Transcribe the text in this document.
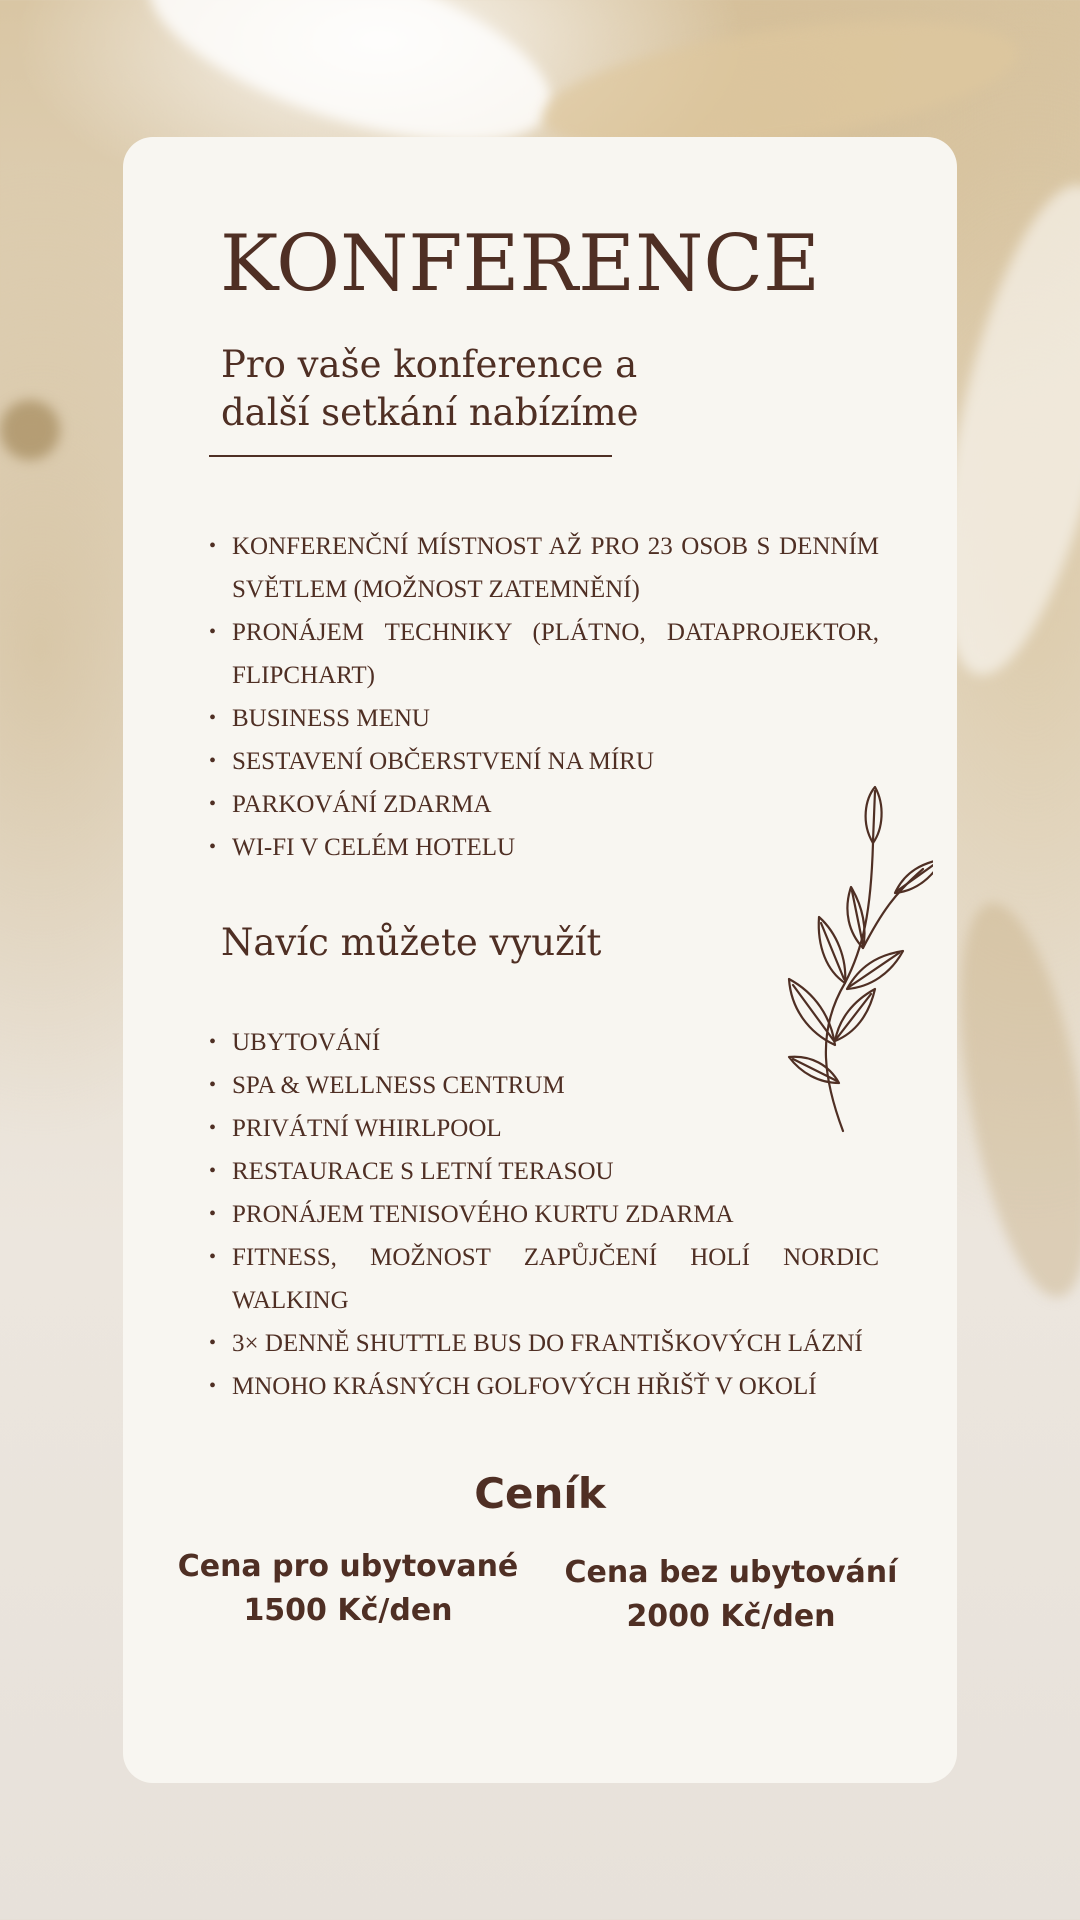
KONFERENCE
Pro vaše konference a
další setkání nabízíme
• KONFERENČNÍ MÍSTNOST AŽ PRO 23 OSOB S DENNÍM SVĚTLEM (MOŽNOST ZATEMNĚNÍ)
• PRONÁJEM TECHNIKY (PLÁTNO, DATAPROJEKTOR, FLIPCHART)
• BUSINESS MENU
• SESTAVENÍ OBČERSTVENÍ NA MÍRU
• PARKOVÁNÍ ZDARMA
• WI-FI V CELÉM HOTELU
Navíc můžete využít
• UBYTOVÁNÍ
• SPA & WELLNESS CENTRUM
• PRIVÁTNÍ WHIRLPOOL
• RESTAURACE S LETNÍ TERASOU
• PRONÁJEM TENISOVÉHO KURTU ZDARMA
• FITNESS, MOŽNOST ZAPŮJČENÍ HOLÍ NORDIC WALKING
• 3× DENNĚ SHUTTLE BUS DO FRANTIŠKOVÝCH LÁZNÍ
• MNOHO KRÁSNÝCH GOLFOVÝCH HŘIŠŤ V OKOLÍ
Ceník
Cena pro ubytované
1500 Kč/den
Cena bez ubytování
2000 Kč/den
